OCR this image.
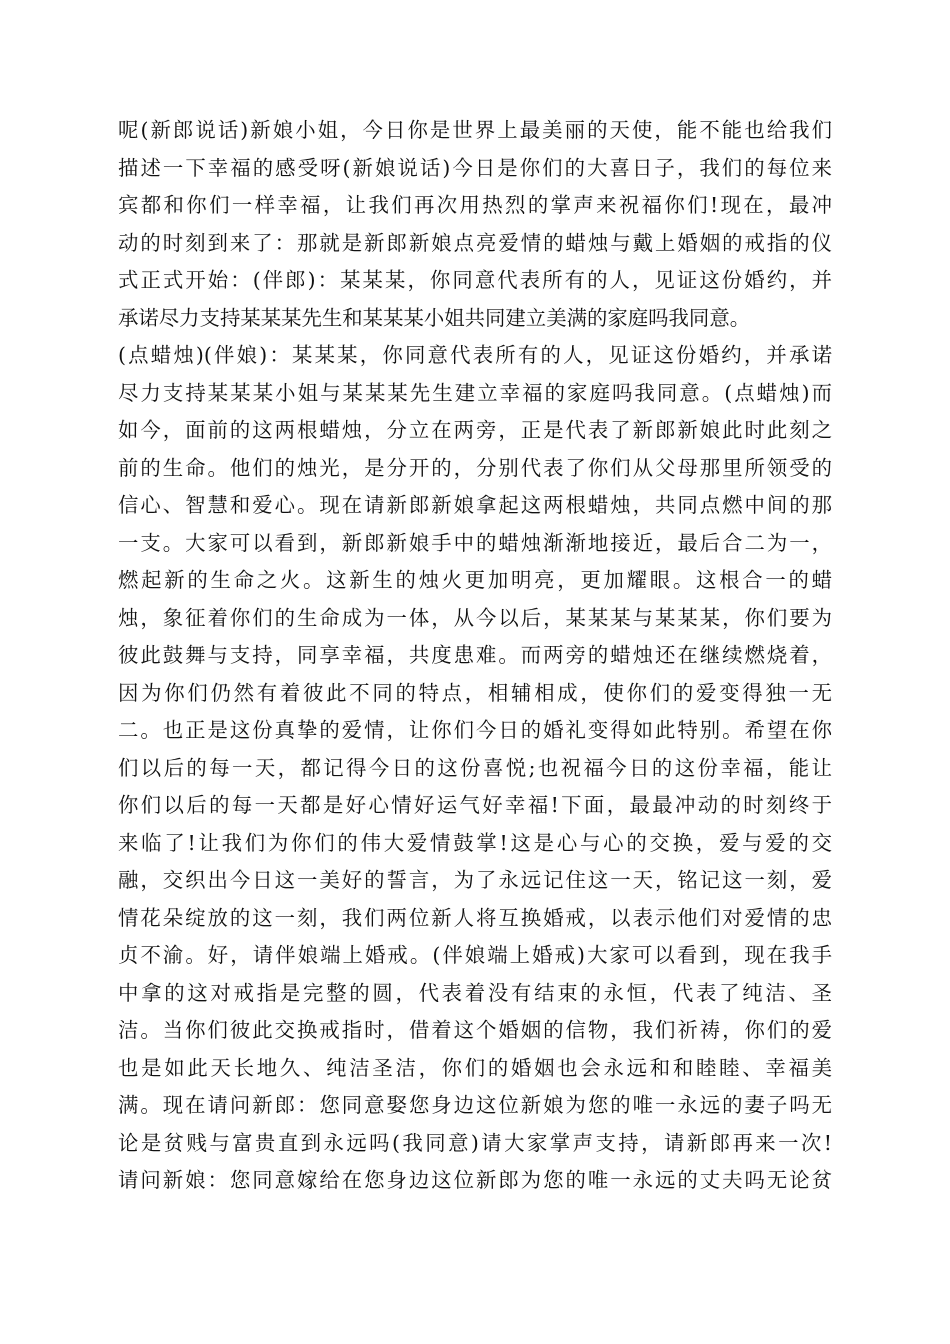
呢(新郎说话)新娘小姐，今日你是世界上最美丽的天使，能不能也给我们
描述一下幸福的感受呀(新娘说话)今日是你们的大喜日子，我们的每位来
宾都和你们一样幸福，让我们再次用热烈的掌声来祝福你们!现在，最冲
动的时刻到来了：那就是新郎新娘点亮爱情的蜡烛与戴上婚姻的戒指的仪
式正式开始：(伴郎)：某某某，你同意代表所有的人，见证这份婚约，并
承诺尽力支持某某某先生和某某某小姐共同建立美满的家庭吗我同意。
(点蜡烛)(伴娘)：某某某，你同意代表所有的人，见证这份婚约，并承诺
尽力支持某某某小姐与某某某先生建立幸福的家庭吗我同意。(点蜡烛)而
如今，面前的这两根蜡烛，分立在两旁，正是代表了新郎新娘此时此刻之
前的生命。他们的烛光，是分开的，分别代表了你们从父母那里所领受的
信心、智慧和爱心。现在请新郎新娘拿起这两根蜡烛，共同点燃中间的那
一支。大家可以看到，新郎新娘手中的蜡烛渐渐地接近，最后合二为一，
燃起新的生命之火。这新生的烛火更加明亮，更加耀眼。这根合一的蜡
烛，象征着你们的生命成为一体，从今以后，某某某与某某某，你们要为
彼此鼓舞与支持，同享幸福，共度患难。而两旁的蜡烛还在继续燃烧着，
因为你们仍然有着彼此不同的特点，相辅相成，使你们的爱变得独一无
二。也正是这份真挚的爱情，让你们今日的婚礼变得如此特别。希望在你
们以后的每一天，都记得今日的这份喜悦;也祝福今日的这份幸福，能让
你们以后的每一天都是好心情好运气好幸福!下面，最最冲动的时刻终于
来临了!让我们为你们的伟大爱情鼓掌!这是心与心的交换，爱与爱的交
融，交织出今日这一美好的誓言，为了永远记住这一天，铭记这一刻，爱
情花朵绽放的这一刻，我们两位新人将互换婚戒，以表示他们对爱情的忠
贞不渝。好，请伴娘端上婚戒。(伴娘端上婚戒)大家可以看到，现在我手
中拿的这对戒指是完整的圆，代表着没有结束的永恒，代表了纯洁、圣
洁。当你们彼此交换戒指时，借着这个婚姻的信物，我们祈祷，你们的爱
也是如此天长地久、纯洁圣洁，你们的婚姻也会永远和和睦睦、幸福美
满。现在请问新郎：您同意娶您身边这位新娘为您的唯一永远的妻子吗无
论是贫贱与富贵直到永远吗(我同意)请大家掌声支持，请新郎再来一次!
请问新娘：您同意嫁给在您身边这位新郎为您的唯一永远的丈夫吗无论贫
